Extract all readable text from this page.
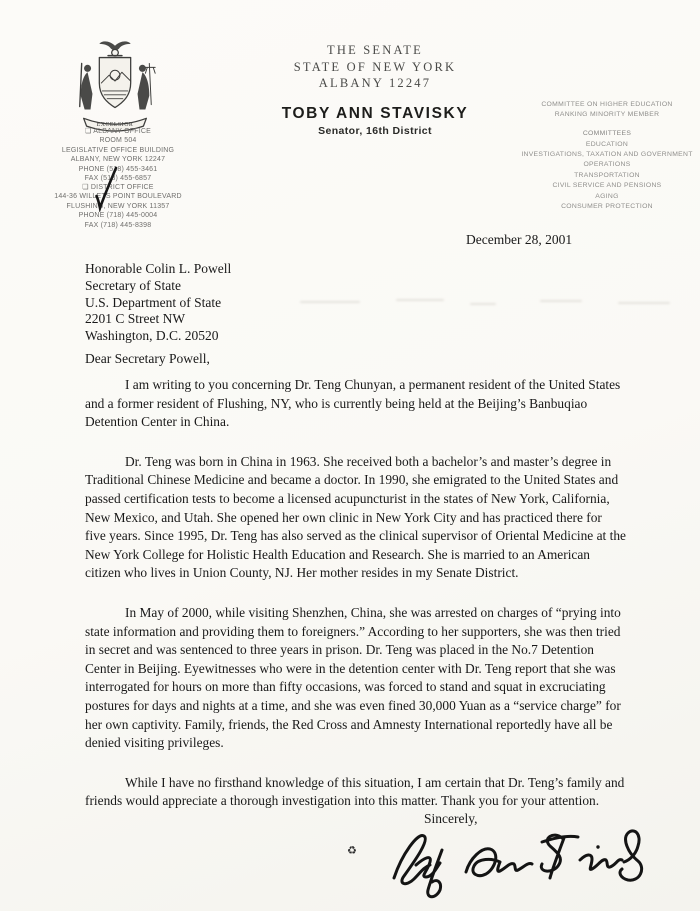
EXCELSIOR
❏ ALBANY OFFICE
ROOM 504
LEGISLATIVE OFFICE BUILDING
ALBANY, NEW YORK 12247
PHONE (518) 455-3461
FAX (518) 455-6857
❏ DISTRICT OFFICE
144-36 WILLETS POINT BOULEVARD
FLUSHING, NEW YORK 11357
PHONE (718) 445-0004
FAX (718) 445-8398
THE SENATE
STATE OF NEW YORK
ALBANY 12247
TOBY ANN STAVISKY
Senator, 16th District
COMMITTEE ON HIGHER EDUCATION
RANKING MINORITY MEMBER
COMMITTEES
EDUCATION
INVESTIGATIONS, TAXATION AND GOVERNMENT OPERATIONS
TRANSPORTATION
CIVIL SERVICE AND PENSIONS
AGING
CONSUMER PROTECTION
December 28, 2001
Honorable Colin L. Powell
Secretary of State
U.S. Department of State
2201 C Street NW
Washington, D.C. 20520
Dear Secretary Powell,

I am writing to you concerning Dr. Teng Chunyan, a permanent resident of the United States and a former resident of Flushing, NY, who is currently being held at the Beijing’s Banbuqiao Detention Center in China.

Dr. Teng was born in China in 1963. She received both a bachelor’s and master’s degree in Traditional Chinese Medicine and became a doctor. In 1990, she emigrated to the United States and passed certification tests to become a licensed acupuncturist in the states of New York, California, New Mexico, and Utah. She opened her own clinic in New York City and has practiced there for five years. Since 1995, Dr. Teng has also served as the clinical supervisor of Oriental Medicine at the New York College for Holistic Health Education and Research. She is married to an American citizen who lives in Union County, NJ. Her mother resides in my Senate District.

In May of 2000, while visiting Shenzhen, China, she was arrested on charges of “prying into state information and providing them to foreigners.” According to her supporters, she was then tried in secret and was sentenced to three years in prison. Dr. Teng was placed in the No.7 Detention Center in Beijing. Eyewitnesses who were in the detention center with Dr. Teng report that she was interrogated for hours on more than fifty occasions, was forced to stand and squat in excruciating postures for days and nights at a time, and she was even fined 30,000 Yuan as a “service charge” for her own captivity. Family, friends, the Red Cross and Amnesty International reportedly have all be denied visiting privileges.

While I have no firsthand knowledge of this situation, I am certain that Dr. Teng’s family and friends would appreciate a thorough investigation into this matter. Thank you for your attention.

Sincerely,
♻
